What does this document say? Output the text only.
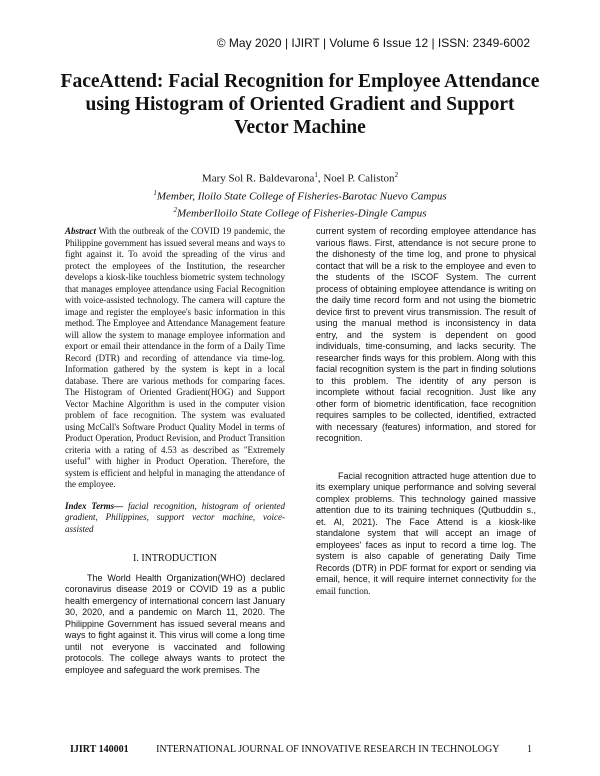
© May 2020 | IJIRT | Volume 6 Issue 12 | ISSN: 2349-6002
FaceAttend: Facial Recognition for Employee Attendance using Histogram of Oriented Gradient and Support Vector Machine
Mary Sol R. Baldevarona$^1$, Noel P. Caliston$^2$
$^1$Member, Iloilo State College of Fisheries-Barotac Nuevo Campus
$^2$MemberIloilo State College of Fisheries-Dingle Campus

Abstract With the outbreak of the COVID 19 pandemic, the Philippine government has issued several means and ways to fight against it. To avoid the spreading of the virus and protect the employees of the Institution, the researcher develops a kiosk-like touchless biometric system technology that manages employee attendance using Facial Recognition with voice-assisted technology. The camera will capture the image and register the employee's basic information in this method. The Employee and Attendance Management feature will allow the system to manage employee information and export or email their attendance in the form of a Daily Time Record (DTR) and recording of attendance via time-log. Information gathered by the system is kept in a local database. There are various methods for comparing faces. The Histogram of Oriented Gradient(HOG) and Support Vector Machine Algorithm is used in the computer vision problem of face recognition. The system was evaluated using McCall's Software Product Quality Model in terms of Product Operation, Product Revision, and Product Transition criteria with a rating of 4.53 as described as "Extremely useful" with higher in Product Operation. Therefore, the system is efficient and helpful in managing the attendance of the employee.

Index Terms— facial recognition, histogram of oriented gradient, Philippines, support vector machine, voice-assisted

I. INTRODUCTION

The World Health Organization(WHO) declared coronavirus disease 2019 or COVID 19 as a public health emergency of international concern last January 30, 2020, and a pandemic on March 11, 2020. The Philippine Government has issued several means and ways to fight against it. This virus will come a long time until not everyone is vaccinated and following protocols. The college always wants to protect the employee and safeguard the work premises. The

current system of recording employee attendance has various flaws. First, attendance is not secure prone to the dishonesty of the time log, and prone to physical contact that will be a risk to the employee and even to the students of the ISCOF System. The current process of obtaining employee attendance is writing on the daily time record form and not using the biometric device first to prevent virus transmission. The result of using the manual method is inconsistency in data entry, and the system is dependent on good individuals, time-consuming, and lacks security. The researcher finds ways for this problem. Along with this facial recognition system is the part in finding solutions to this problem. The identity of any person is incomplete without facial recognition. Just like any other form of biometric identification, face recognition requires samples to be collected, identified, extracted with necessary (features) information, and stored for recognition.

Facial recognition attracted huge attention due to its exemplary unique performance and solving several complex problems. This technology gained massive attention due to its training techniques (Qutbuddin s., et. Al, 2021). The Face Attend is a kiosk-like standalone system that will accept an image of employees' faces as input to record a time log. The system is also capable of generating Daily Time Records (DTR) in PDF format for export or sending via email, hence, it will require internet connectivity for the email function.

IJIRT 140001	INTERNATIONAL JOURNAL OF INNOVATIVE RESEARCH IN TECHNOLOGY	1
